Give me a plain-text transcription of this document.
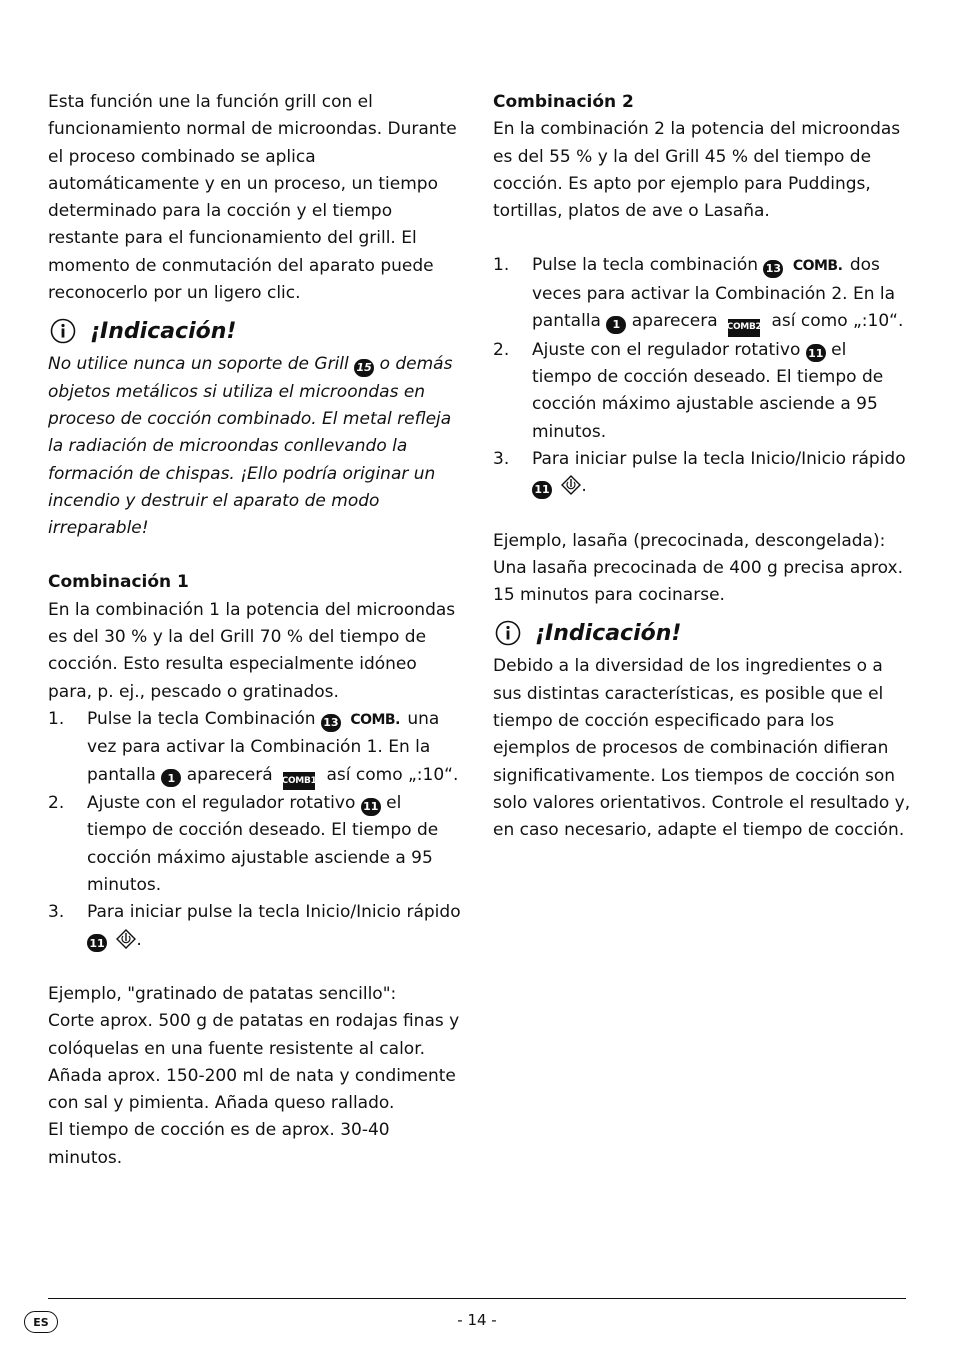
Esta función une la función grill con el funcionamiento normal de microondas. Durante el proceso combinado se aplica automáticamente y en un proceso, un tiempo determinado para la cocción y el tiempo restante para el funcionamiento del grill. El momento de conmutación del aparato puede reconocerlo por un ligero clic.

¡Indicación!

No utilice nunca un soporte de Grill 15 o demás objetos metálicos si utiliza el microondas en proceso de cocción combinado. El metal refleja la radiación de microondas conllevando la formación de chispas. ¡Ello podría originar un incendio y destruir el aparato de modo irreparable!

Combinación 1

En la combinación 1 la potencia del microondas es del 30 % y la del Grill 70 % del tiempo de cocción. Esto resulta especialmente idóneo para, p. ej., pescado o gratinados.

1. Pulse la tecla Combinación 13 COMB. una vez para activar la Combinación 1. En la pantalla 1 aparecerá COMB1 así como „:10“.
2. Ajuste con el regulador rotativo 11 el tiempo de cocción deseado. El tiempo de cocción máximo ajustable asciende a 95 minutos.
3. Para iniciar pulse la tecla Inicio/Inicio rápido 11 .

Ejemplo, "gratinado de patatas sencillo":

Corte aprox. 500 g de patatas en rodajas finas y colóquelas en una fuente resistente al calor. Añada aprox. 150-200 ml de nata y condimente con sal y pimienta. Añada queso rallado.

El tiempo de cocción es de aprox. 30-40 minutos.

Combinación 2

En la combinación 2 la potencia del microondas es del 55 % y la del Grill 45 % del tiempo de cocción. Es apto por ejemplo para Puddings, tortillas, platos de ave o Lasaña.

1. Pulse la tecla combinación 13 COMB. dos veces para activar la Combinación 2. En la pantalla 1 aparecera COMB2 así como „:10“.
2. Ajuste con el regulador rotativo 11 el tiempo de cocción deseado. El tiempo de cocción máximo ajustable asciende a 95 minutos.
3. Para iniciar pulse la tecla Inicio/Inicio rápido 11 .

Ejemplo, lasaña (precocinada, descongelada):

Una lasaña precocinada de 400 g precisa aprox. 15 minutos para cocinarse.

¡Indicación!

Debido a la diversidad de los ingredientes o a sus distintas características, es posible que el tiempo de cocción especificado para los ejemplos de procesos de combinación difieran significativamente. Los tiempos de cocción son solo valores orientativos. Controle el resultado y, en caso necesario, adapte el tiempo de cocción.

ES	- 14 -
